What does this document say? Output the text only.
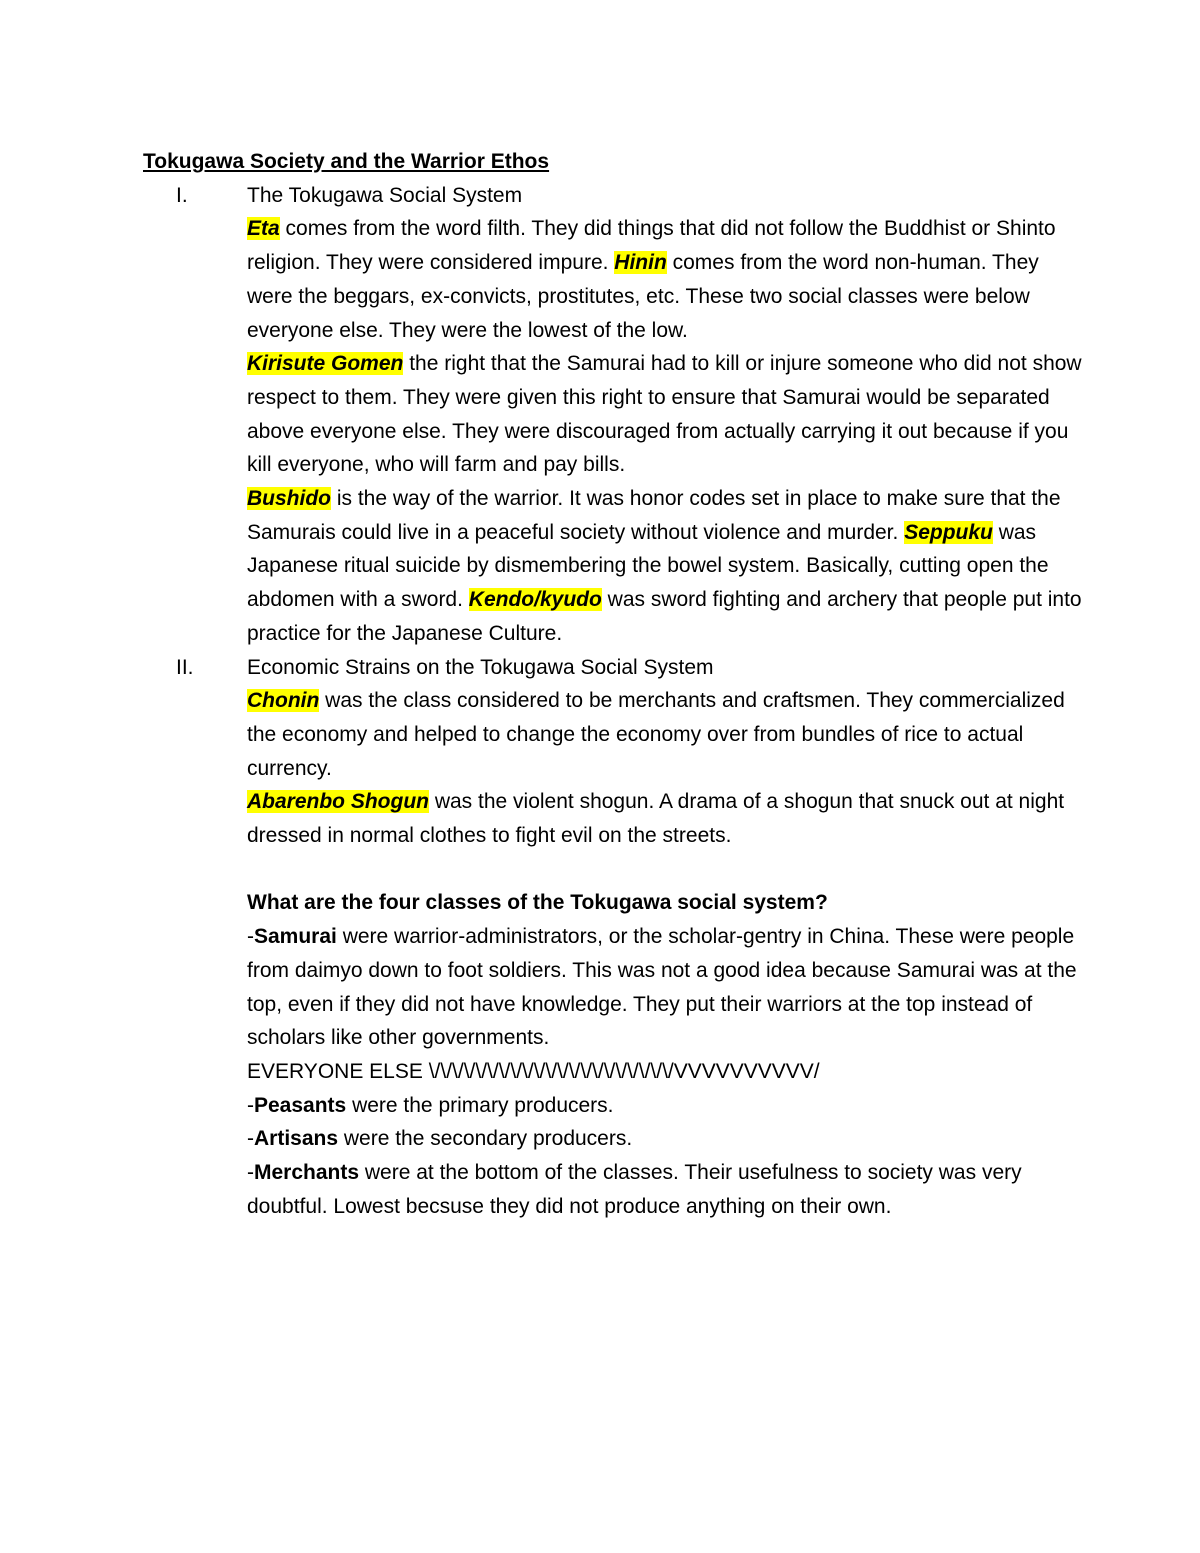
Tokugawa Society and the Warrior Ethos
I.	The Tokugawa Social System
Eta comes from the word filth. They did things that did not follow the Buddhist or Shinto religion. They were considered impure. Hinin comes from the word non-human. They were the beggars, ex-convicts, prostitutes, etc. These two social classes were below everyone else. They were the lowest of the low.
Kirisute Gomen the right that the Samurai had to kill or injure someone who did not show respect to them. They were given this right to ensure that Samurai would be separated above everyone else. They were discouraged from actually carrying it out because if you kill everyone, who will farm and pay bills.
Bushido is the way of the warrior. It was honor codes set in place to make sure that the Samurais could live in a peaceful society without violence and murder. Seppuku was Japanese ritual suicide by dismembering the bowel system. Basically, cutting open the abdomen with a sword. Kendo/kyudo was sword fighting and archery that people put into practice for the Japanese Culture.
II.	Economic Strains on the Tokugawa Social System
Chonin was the class considered to be merchants and craftsmen. They commercialized the economy and helped to change the economy over from bundles of rice to actual currency.
Abarenbo Shogun was the violent shogun. A drama of a shogun that snuck out at night dressed in normal clothes to fight evil on the streets.
What are the four classes of the Tokugawa social system?
-Samurai were warrior-administrators, or the scholar-gentry in China. These were people from daimyo down to foot soldiers. This was not a good idea because Samurai was at the top, even if they did not have knowledge. They put their warriors at the top instead of scholars like other governments.
EVERYONE ELSE \/\/\/\/\/\/\/\/\/\/\/\/\/\/\/\/\/\/\/\/\/VVVVVVVVVV/
-Peasants were the primary producers.
-Artisans were the secondary producers.
-Merchants were at the bottom of the classes. Their usefulness to society was very doubtful. Lowest becsuse they did not produce anything on their own.
